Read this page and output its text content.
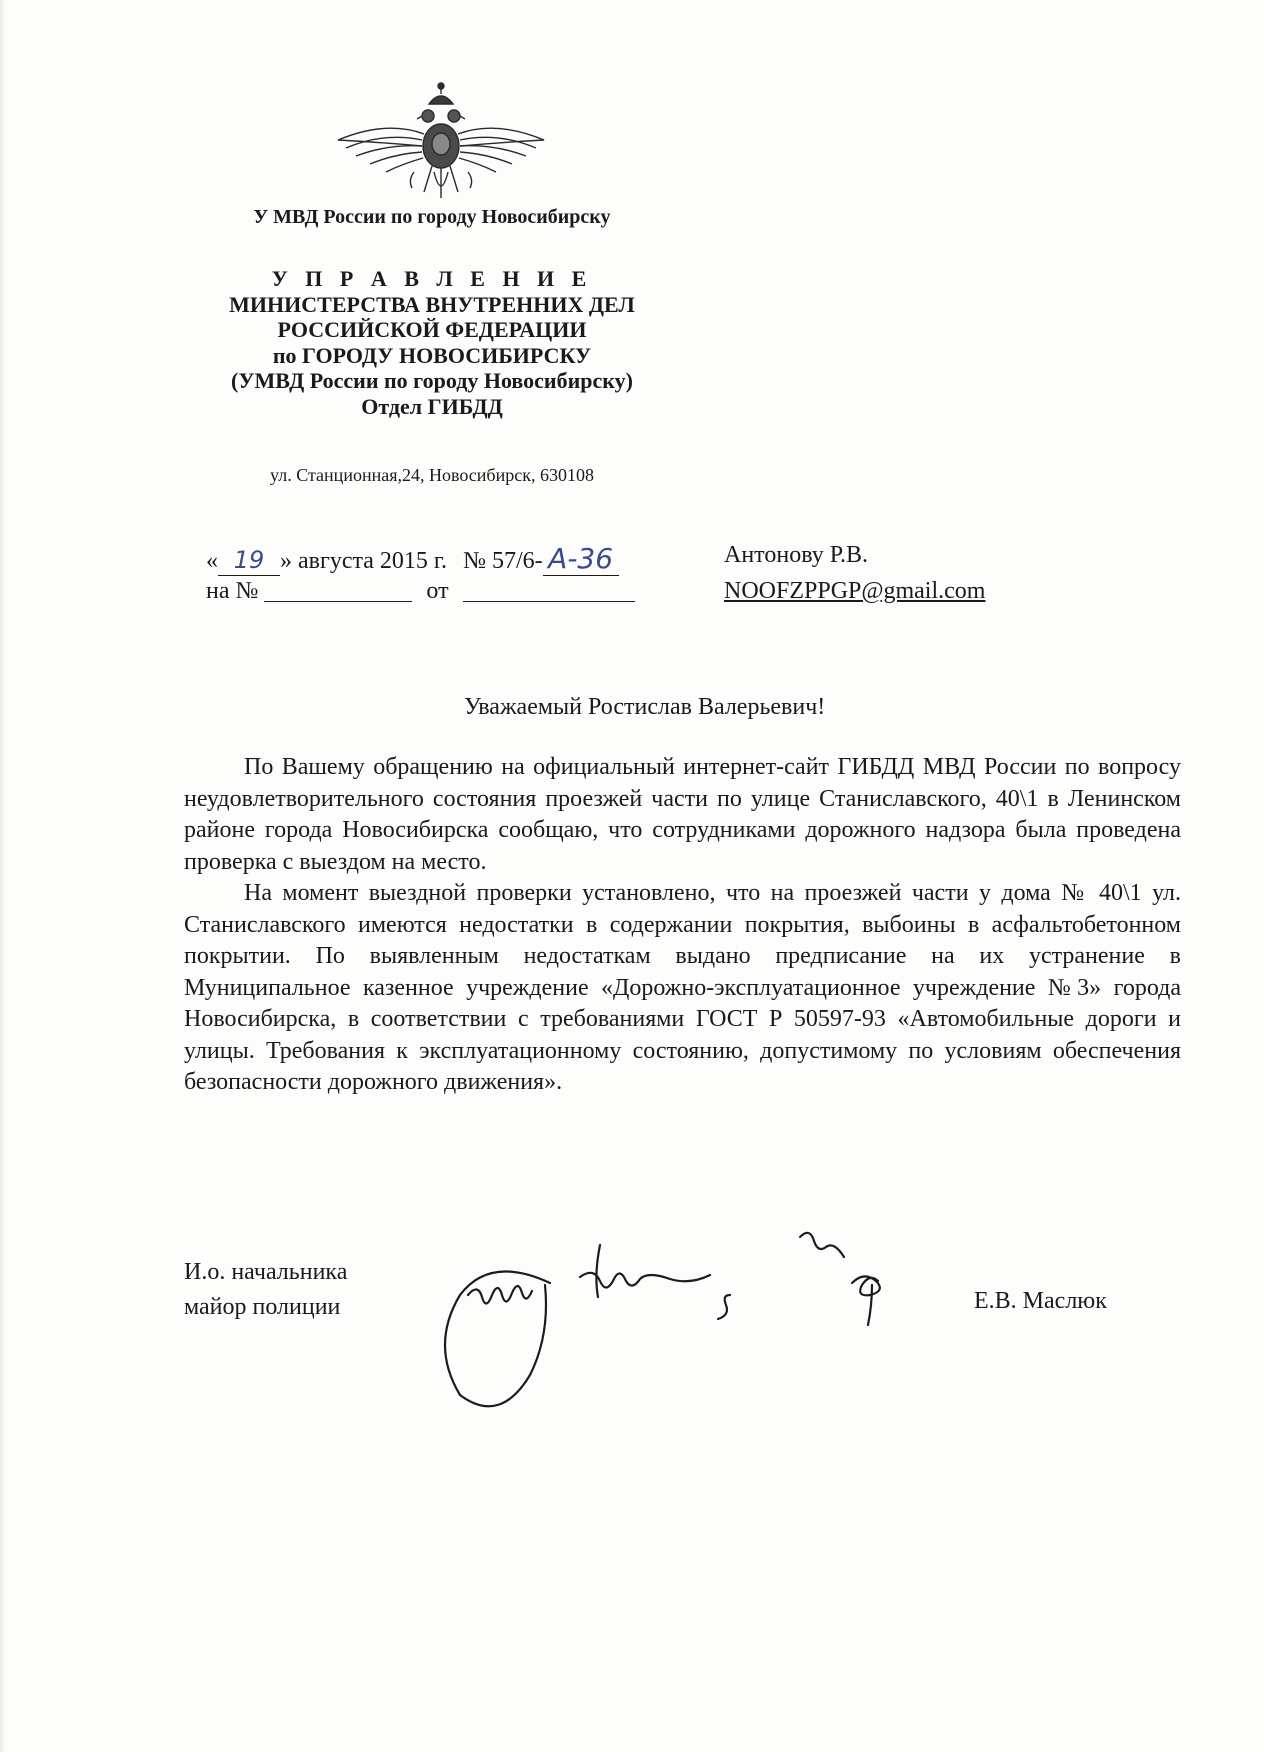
У МВД России по городу Новосибирску
У П Р А В Л Е Н И Е
МИНИСТЕРСТВА ВНУТРЕННИХ ДЕЛ
РОССИЙСКОЙ ФЕДЕРАЦИИ
по ГОРОДУ НОВОСИБИРСКУ
(УМВД России по городу Новосибирску)
Отдел ГИБДД
ул. Станционная,24, Новосибирск, 630108
« 19 » августа 2015 г. № 57/6- А-36
на №	от
Антонову Р.В.
NOOFZPPGP@gmail.com
Уважаемый Ростислав Валерьевич!

По Вашему обращению на официальный интернет-сайт ГИБДД МВД России по вопросу неудовлетворительного состояния проезжей части по улице Станиславского, 40\1 в Ленинском районе города Новосибирска сообщаю, что сотрудниками дорожного надзора была проведена проверка с выездом на место.

На момент выездной проверки установлено, что на проезжей части у дома № 40\1 ул. Станиславского имеются недостатки в содержании покрытия, выбоины в асфальтобетонном покрытии. По выявленным недостаткам выдано предписание на их устранение в Муниципальное казенное учреждение «Дорожно-эксплуатационное учреждение №3» города Новосибирска, в соответствии с требованиями ГОСТ Р 50597-93 «Автомобильные дороги и улицы. Требования к эксплуатационному состоянию, допустимому по условиям обеспечения безопасности дорожного движения».

И.о. начальника
майор полиции	Е.В. Маслюк
